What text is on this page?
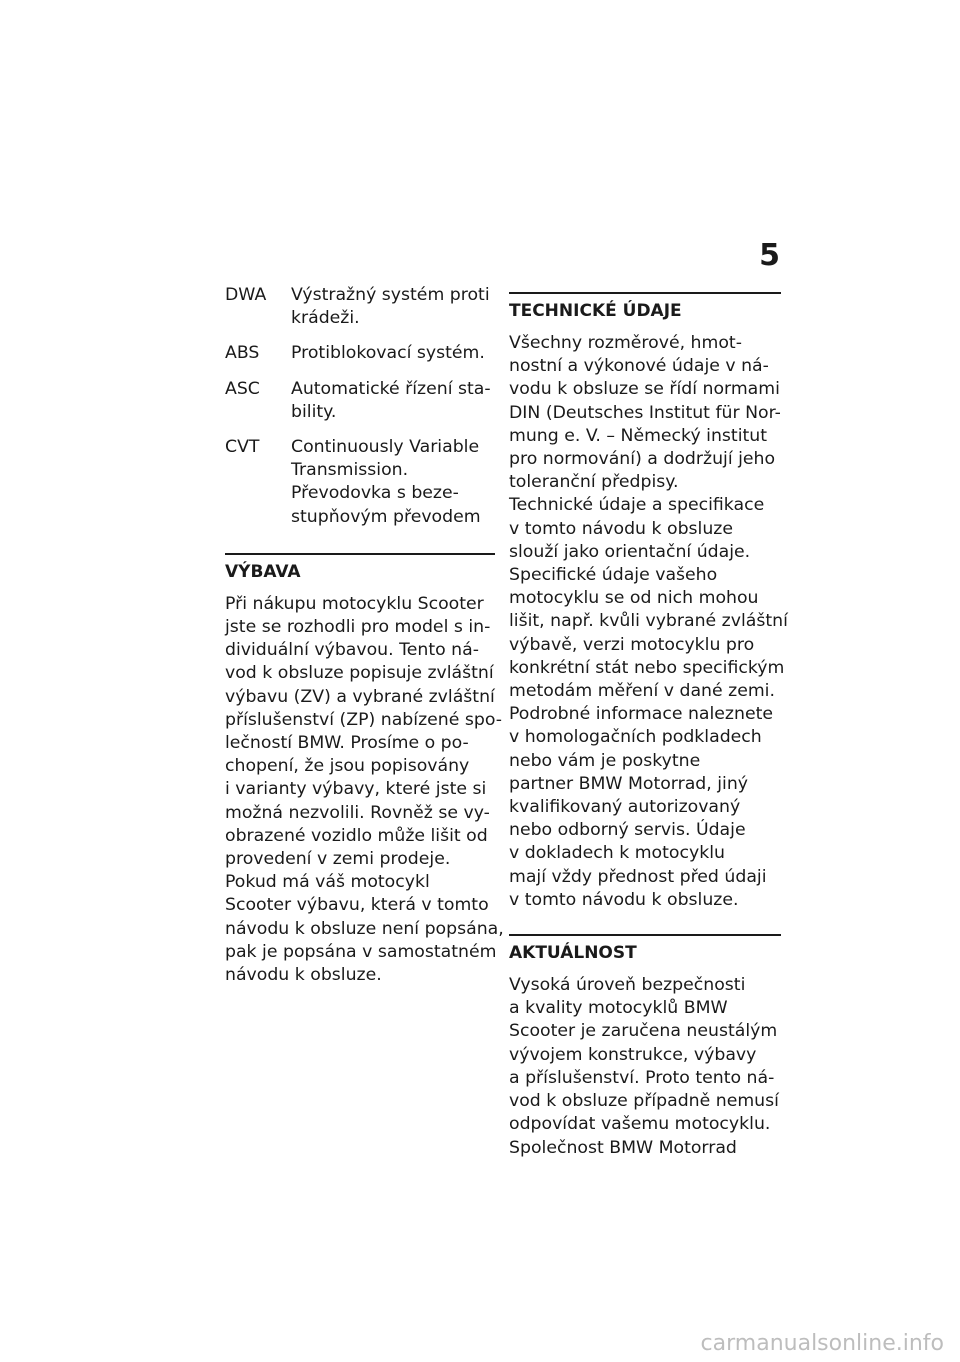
5
DWA	Výstražný systém proti
krádeži.
ABS	Protiblokovací systém.
ASC	Automatické řízení sta-
bility.
CVT	Continuously Variable
Transmission.
Převodovka s beze-
stupňovým převodem
VÝBAVA
Při nákupu motocyklu Scooter
jste se rozhodli pro model s in-
dividuální výbavou. Tento ná-
vod k obsluze popisuje zvláštní
výbavu (ZV) a vybrané zvláštní
příslušenství (ZP) nabízené spo-
lečností BMW. Prosíme o po-
chopení, že jsou popisovány
i varianty výbavy, které jste si
možná nezvolili. Rovněž se vy-
obrazené vozidlo může lišit od
provedení v zemi prodeje.
Pokud má váš motocykl
Scooter výbavu, která v tomto
návodu k obsluze není popsána,
pak je popsána v samostatném
návodu k obsluze.
TECHNICKÉ ÚDAJE
Všechny rozměrové, hmot-
nostní a výkonové údaje v ná-
vodu k obsluze se řídí normami
DIN (Deutsches Institut für Nor-
mung e. V. – Německý institut
pro normování) a dodržují jeho
toleranční předpisy.
Technické údaje a specifikace
v tomto návodu k obsluze
slouží jako orientační údaje.
Specifické údaje vašeho
motocyklu se od nich mohou
lišit, např. kvůli vybrané zvláštní
výbavě, verzi motocyklu pro
konkrétní stát nebo specifickým
metodám měření v dané zemi.
Podrobné informace naleznete
v homologačních podkladech
nebo vám je poskytne
partner BMW Motorrad, jiný
kvalifikovaný autorizovaný
nebo odborný servis. Údaje
v dokladech k motocyklu
mají vždy přednost před údaji
v tomto návodu k obsluze.
AKTUÁLNOST
Vysoká úroveň bezpečnosti
a kvality motocyklů BMW
Scooter je zaručena neustálým
vývojem konstrukce, výbavy
a příslušenství. Proto tento ná-
vod k obsluze případně nemusí
odpovídat vašemu motocyklu.
Společnost BMW Motorrad
carmanualsonline.info
